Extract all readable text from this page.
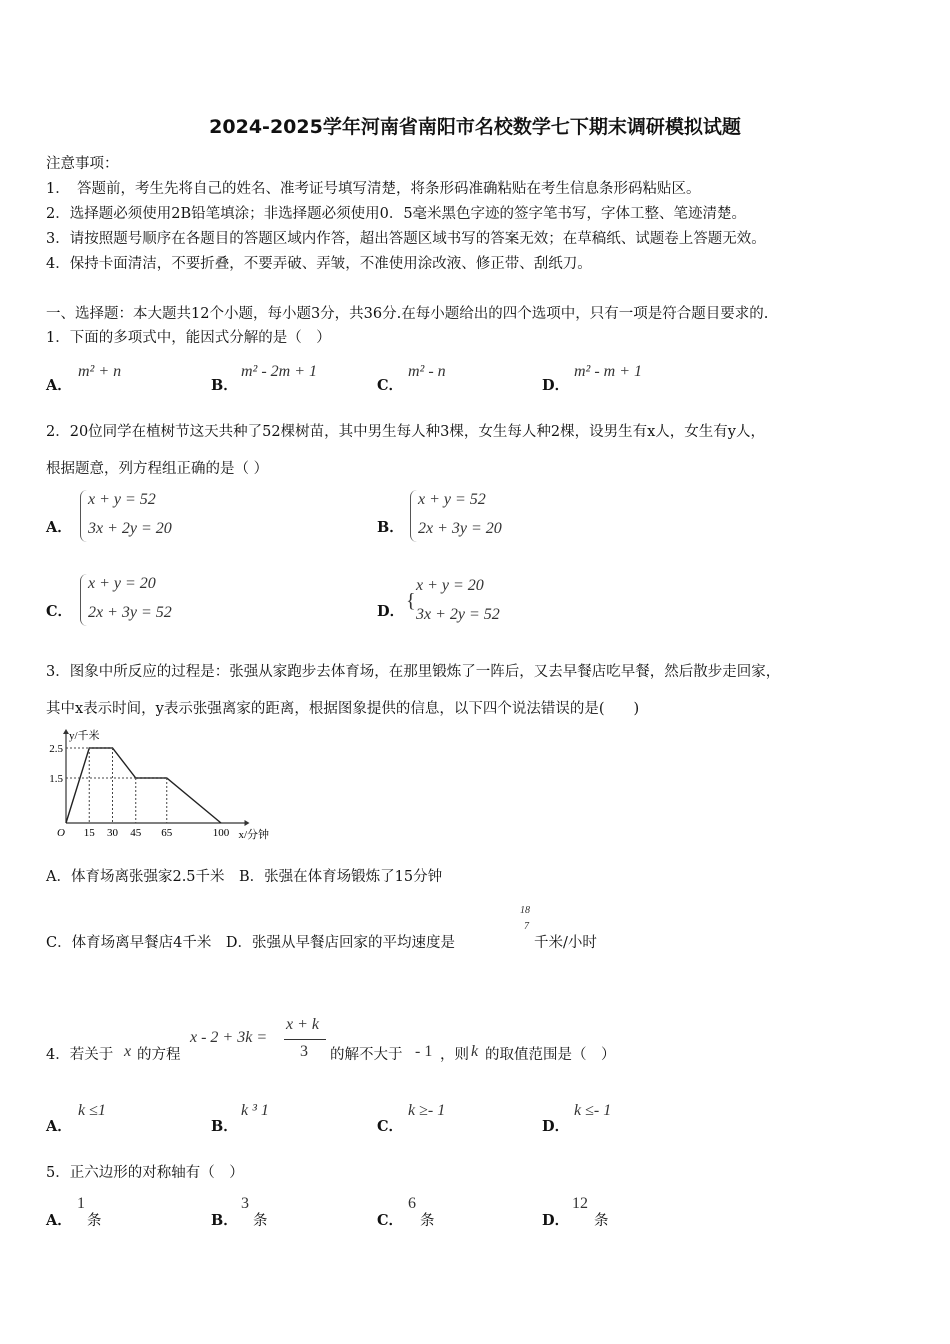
2024-2025学年河南省南阳市名校数学七下期末调研模拟试题
注意事项：
1．　答题前，考生先将自己的姓名、准考证号填写清楚，将条形码准确粘贴在考生信息条形码粘贴区。
2．选择题必须使用2B铅笔填涂；非选择题必须使用0．5毫米黑色字迹的签字笔书写，字体工整、笔迹清楚。
3．请按照题号顺序在各题目的答题区域内作答，超出答题区域书写的答案无效；在草稿纸、试题卷上答题无效。
4．保持卡面清洁，不要折叠，不要弄破、弄皱，不准使用涂改液、修正带、刮纸刀。
一、选择题：本大题共12个小题，每小题3分，共36分.在每小题给出的四个选项中，只有一项是符合题目要求的.
1．下面的多项式中，能因式分解的是（　）
A．
m² + n
B．
m² - 2m + 1
C．
m² - n
D．
m² - m + 1
2．20位同学在植树节这天共种了52棵树苗，其中男生每人种3棵，女生每人种2棵，设男生有x人，女生有y人，
根据题意，列方程组正确的是（ ）
A．
x + y = 52
3x + 2y = 20	B．
x + y = 52
2x + 3y = 20
C．
x + y = 20
2x + 3y = 52	D． {
x + y = 20
3x + 2y = 52
3．图象中所反应的过程是：张强从家跑步去体育场，在那里锻炼了一阵后，又去早餐店吃早餐，然后散步走回家，
其中x表示时间，y表示张强离家的距离，根据图象提供的信息，以下四个说法错误的是(　　)
2.5
1.5
15 30 45 65	100
O
y/千米
x/分钟
A．体育场离张强家2.5千米　B．张强在体育场锻炼了15分钟
C．体育场离早餐店4千米　D．张强从早餐店回家的平均速度是
18
7
千米/小时
4．若关于 x 的方程
x - 2 + 3k =
x + k
3 的解不大于 - 1 ，则 k 的取值范围是（　）
A．
k ≤1
B．
k ³ 1
C．
k ≥- 1
D．
k ≤- 1
5．正六边形的对称轴有（　）
A．
1
条	B．
3
条	C．
6
条	D．
12
条
